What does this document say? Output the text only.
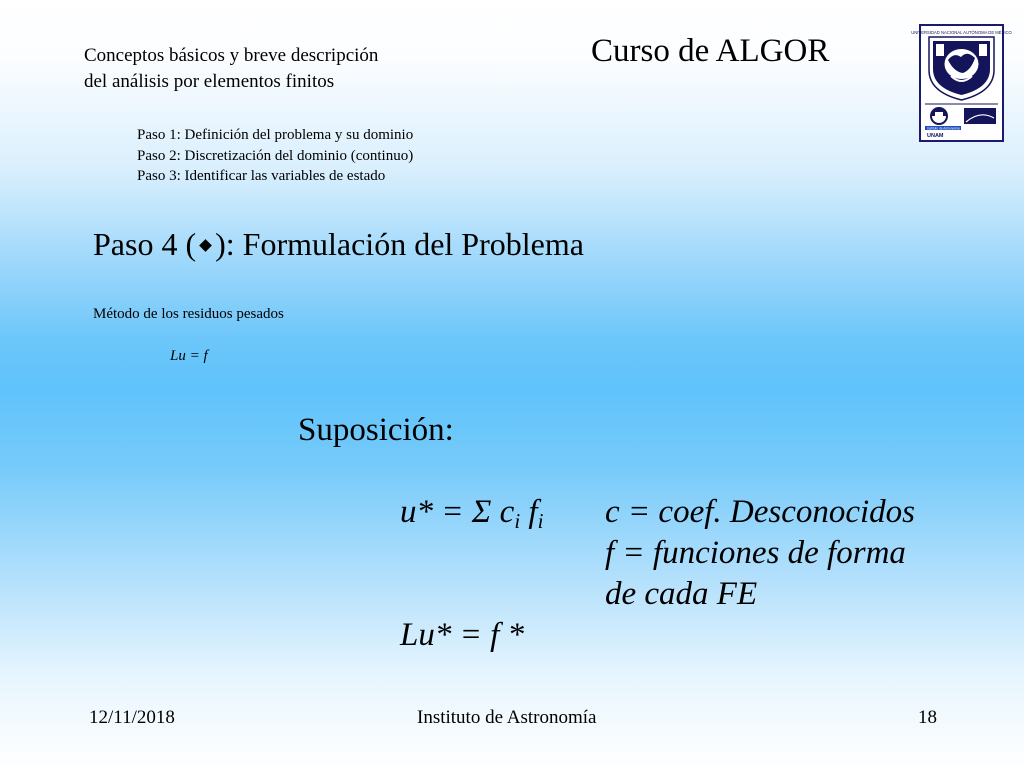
Conceptos básicos y breve descripción
del análisis por elementos finitos
Curso de ALGOR
UNIVERSIDAD NACIONAL AUTÓNOMA DE MÉXICO
Instituto de Astronomía
UNAM
Paso 1: Definición del problema y su dominio
Paso 2: Discretización del dominio (continuo)
Paso 3: Identificar las variables de estado
Paso 4 ( ): Formulación del Problema
Método de los residuos pesados
Lu = f
Suposición:
u* = Σ $c_i$ $f_i$ c = coef. Desconocidos
f = funciones de forma
de cada FE
Lu* = f *
12/11/2018	Instituto de Astronomía	18
